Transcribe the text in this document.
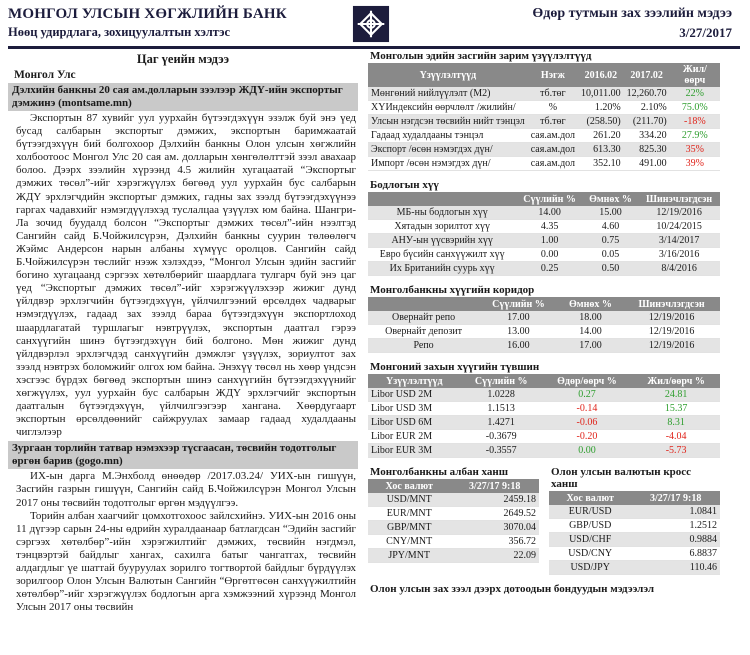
МОНГОЛ УЛСЫН ХӨГЖЛИЙН БАНК
Нөөц удирдлага, зохицуулалтын хэлтэс
Өдөр тутмын зах зээлийн мэдээ
3/27/2017
Цаг үеийн мэдээ
Монгол Улс
Дэлхийн банкны 20 сая ам.долларын зээлээр ЖДҮ-ийн экспортыг дэмжинэ (montsame.mn)

Экспортын 87 хувийг уул уурхайн бүтээгдэхүүн эзэлж буй энэ үед бусад салбарын экспортыг дэмжих, экспортын баримжаатай бүтээгдэхүүн бий болгохоор Дэлхийн банкны Олон улсын хөгжлийн холбоотоос Монгол Улс 20 сая ам. долларын хөнгөлөлттэй зээл авахаар болоо. Дээрх зээлийн хүрээнд 4.5 жилийн хугацаатай “Экспортыг дэмжих төсөл”-ийг хэрэгжүүлэх бөгөөд уул уурхайн бус салбарын ЖДҮ эрхлэгчдийн экспортыг дэмжих, гадны зах зээлд бүтээгдэхүүнээ гаргах чадавхийг нэмэгдүүлэхэд туслалцаа үзүүлэх юм байна. Шангри-Ла зочид буудалд болсон “Экспортыг дэмжих төсөл”-ийн нээлтэд Сангийн сайд Б.Чойжилсүрэн, Дэлхийн банкны суурин төлөөлөгч Жэймс Андерсон нарын албаны хүмүүс оролцов. Сангийн сайд Б.Чойжилсүрэн төслийг нээж хэлэхдээ, “Монгол Улсын эдийн засгийг богино хугацаанд сэргээх хөтөлбөрийг шаардлага тулгарч буй энэ цаг үед “Экспортыг дэмжих төсөл”-ийг хэрэгжүүлэхээр жижиг дунд үйлдвэр эрхлэгчийн бүтээгдэхүүн, үйлчилгээний өрсөлдөх чадварыг нэмэгдүүлэх, гадаад зах зээлд бараа бүтээгдэхүүн экспортлоход шаардлагатай туршлагыг нэвтрүүлэх, экспортын даатгал гэрээ санхүүгийн шинэ бүтээгдэхүүн бий болгоно. Мөн жижиг дунд үйлдвэрлэл эрхлэгчдэд санхүүгийн дэмжлэг үзүүлэх, зориултот зах зээлд нэвтрэх боломжийг олгох юм байна. Энэхүү төсөл нь хөөр үндсэн хэсгээс бүрдэх бөгөөд экспортын шинэ санхүүгийн бүтээгдэхүүнийг хөгжүүлэх, уул уурхайн бус салбарын ЖДҮ эрхлэгчийг экспортын даатгалын бүтээгдэхүүн, үйлчилгээгээр хангана. Хөөрдугаарт экспортын өрсөлдөөнийг сайжруулах замаар гадаад худалдааны чиглэлээр

Зургаан торлийн татвар нэмэхээр түсгаасан, төсвийн тодотголыг өргөн барив (gogo.mn)

ИХ-ын дарга М.Энхболд өнөөдөр /2017.03.24/ УИХ-ын гишүүн, Засгийн газрын гишүүн, Сангийн сайд Б.Чойжилсүрэн Монгол Улсын 2017 оны төсвийн тодотголыг өргөн мэдүүлгээ.

Торийн албан хаагчийг цомхотгохоос зайлсхийнэ. УИХ-ын 2016 оны 11 дүгээр сарын 24-ны өдрийн хуралдаанаар батлагдсан “Эдийн засгийг сэргээх хөтөлбөр”-ийн хэрэгжилтийг дэмжих, төсвийн нэгдмэл, тэнцвэртэй байдлыг хангах, сахилга батыг чангатгах, төсвийн алдагдлыг үе шаттай бууруулах зорилго тогтвортой байдлыг бүрдүүлэх зорилгоор Олон Улсын Валютын Сангийн “Өргөтгөсөн санхүүжилтийн хөтөлбөр”-ийг хэрэгжүүлэх бодлогын арга хэмжээний хүрээнд Монгол Улсын 2017 оны төсвийн

Монголын эдийн засгийн зарим үзүүлэлтүүд
Үзүүлэлтүүд	Нэгж	2016.02	2017.02	Жил/өөрч
Мөнгөний нийлүүлэлт (M2)	тб.төг	10,011.00	12,260.70	22%
ХҮИндексийн өөрчлөлт /жилийн/	%	1.20%	2.10%	75.0%
Улсын нэгдсэн төсвийн нийт тэнцэл	тб.төг	(258.50)	(211.70)	-18%
Гадаад худалдааны тэнцэл	сая.ам.дол	261.20	334.20	27.9%
Экспорт /өсөн нэмэгдэх дүн/	сая.ам.дол	613.30	825.30	35%
Импорт /өсөн нэмэгдэх дүн/	сая.ам.дол	352.10	491.00	39%
Бодлогын хүү
	Сүүлийн %	Өмнөх %	Шинэчлэгдсэн
МБ-ны бодлогын хүү	14.00	15.00	12/19/2016
Хятадын зорилтот хүү	4.35	4.60	10/24/2015
АНУ-ын үүсвэрийн хүү	1.00	0.75	3/14/2017
Евро бүсийн санхүүжилт хүү	0.00	0.05	3/16/2016
Их Британийн суурь хүү	0.25	0.50	8/4/2016
Монголбанкны хүүгийн коридор
	Сүүлийн %	Өмнөх %	Шинэчлэгдсэн
Овернайт репо	17.00	18.00	12/19/2016
Овернайт депозит	13.00	14.00	12/19/2016
Репо	16.00	17.00	12/19/2016
Монгоний захын хүүгийн түвшин
Үзүүлэлтүүд	Сүүлийн %	Өдөр/өөрч %	Жил/өөрч %
Libor USD 2M	1.0228	0.27	24.81
Libor USD 3M	1.1513	-0.14	15.37
Libor USD 6M	1.4271	-0.06	8.31
Libor EUR 2M	-0.3679	-0.20	-4.04
Libor EUR 3M	-0.3557	0.00	-5.73
Монголбанкны албан ханш
Хос валют	3/27/17 9:18
USD/MNT	2459.18
EUR/MNT	2649.52
GBP/MNT	3070.04
CNY/MNT	356.72
JPY/MNT	22.09
Олон улсын валютын кросс ханш
Хос валют	3/27/17 9:18
EUR/USD	1.0841
GBP/USD	1.2512
USD/CHF	0.9884
USD/CNY	6.8837
USD/JPY	110.46
Олон улсын зах зээл дээрх дотоодын бондуудын мэдээлэл
